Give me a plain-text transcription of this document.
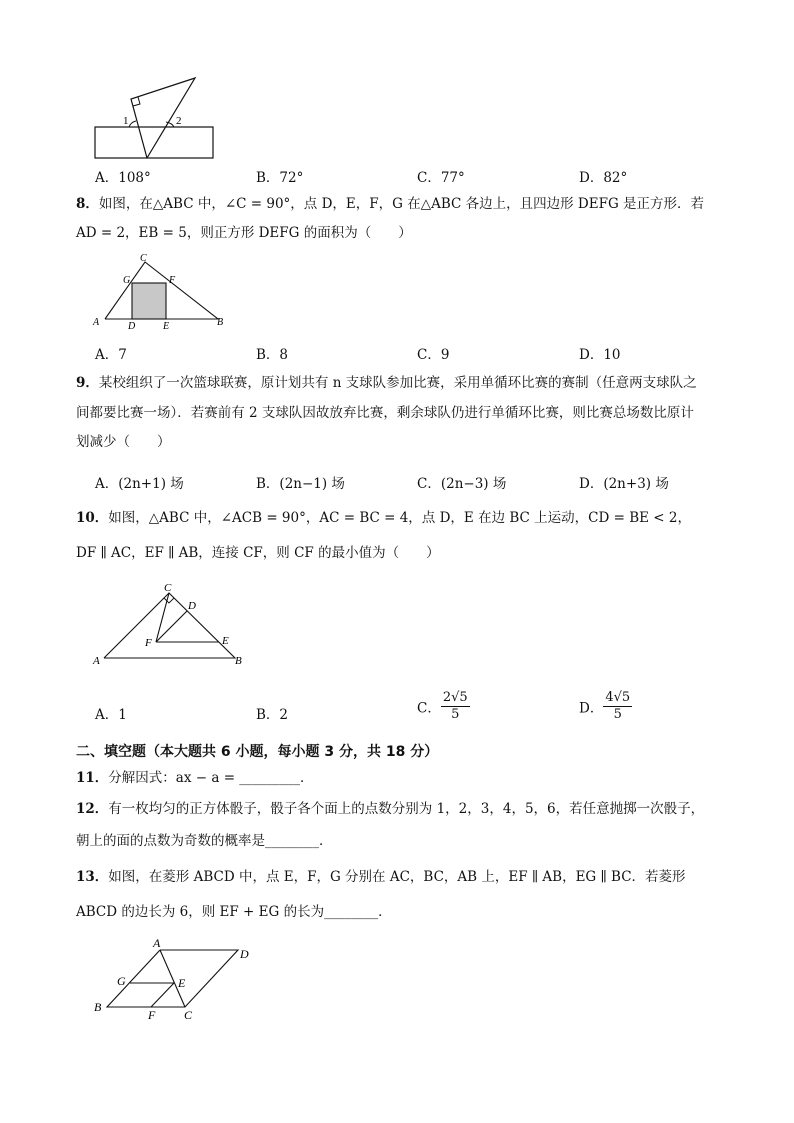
1	2
A．108°	B．72°	C．77°	D．82°
8．如图，在△ABC 中，∠C = 90°，点 D，E，F，G 在△ABC 各边上，且四边形 DEFG 是正方形．若
AD = 2，EB = 5，则正方形 DEFG 的面积为（　　）
C
G	F
A	D	E	B
A．7	B．8	C．9	D．10
9．某校组织了一次篮球联赛，原计划共有 n 支球队参加比赛，采用单循环比赛的赛制（任意两支球队之
间都要比赛一场）．若赛前有 2 支球队因故放弃比赛，剩余球队仍进行单循环比赛，则比赛总场数比原计
划减少（　　）
A．(2n+1) 场	B．(2n−1) 场	C．(2n−3) 场	D．(2n+3) 场
10．如图，△ABC 中，∠ACB = 90°，AC = BC = 4，点 D，E 在边 BC 上运动，CD = BE < 2，
DF ∥ AC，EF ∥ AB，连接 CF，则 CF 的最小值为（　　）
C
D
F	E
A	B
A．1	B．2	C． $\frac{2√5}{5}$	D． $\frac{4√5}{5}$
二、填空题（本大题共 6 小题，每小题 3 分，共 18 分）
11．分解因式：ax − a = _________．
12．有一枚均匀的正方体骰子，骰子各个面上的点数分别为 1，2，3，4，5，6，若任意抛掷一次骰子，
朝上的面的点数为奇数的概率是________．
13．如图，在菱形 ABCD 中，点 E，F，G 分别在 AC，BC，AB 上，EF ∥ AB，EG ∥ BC．若菱形
ABCD 的边长为 6，则 EF + EG 的长为________．
A
D
G	E
B
F C
